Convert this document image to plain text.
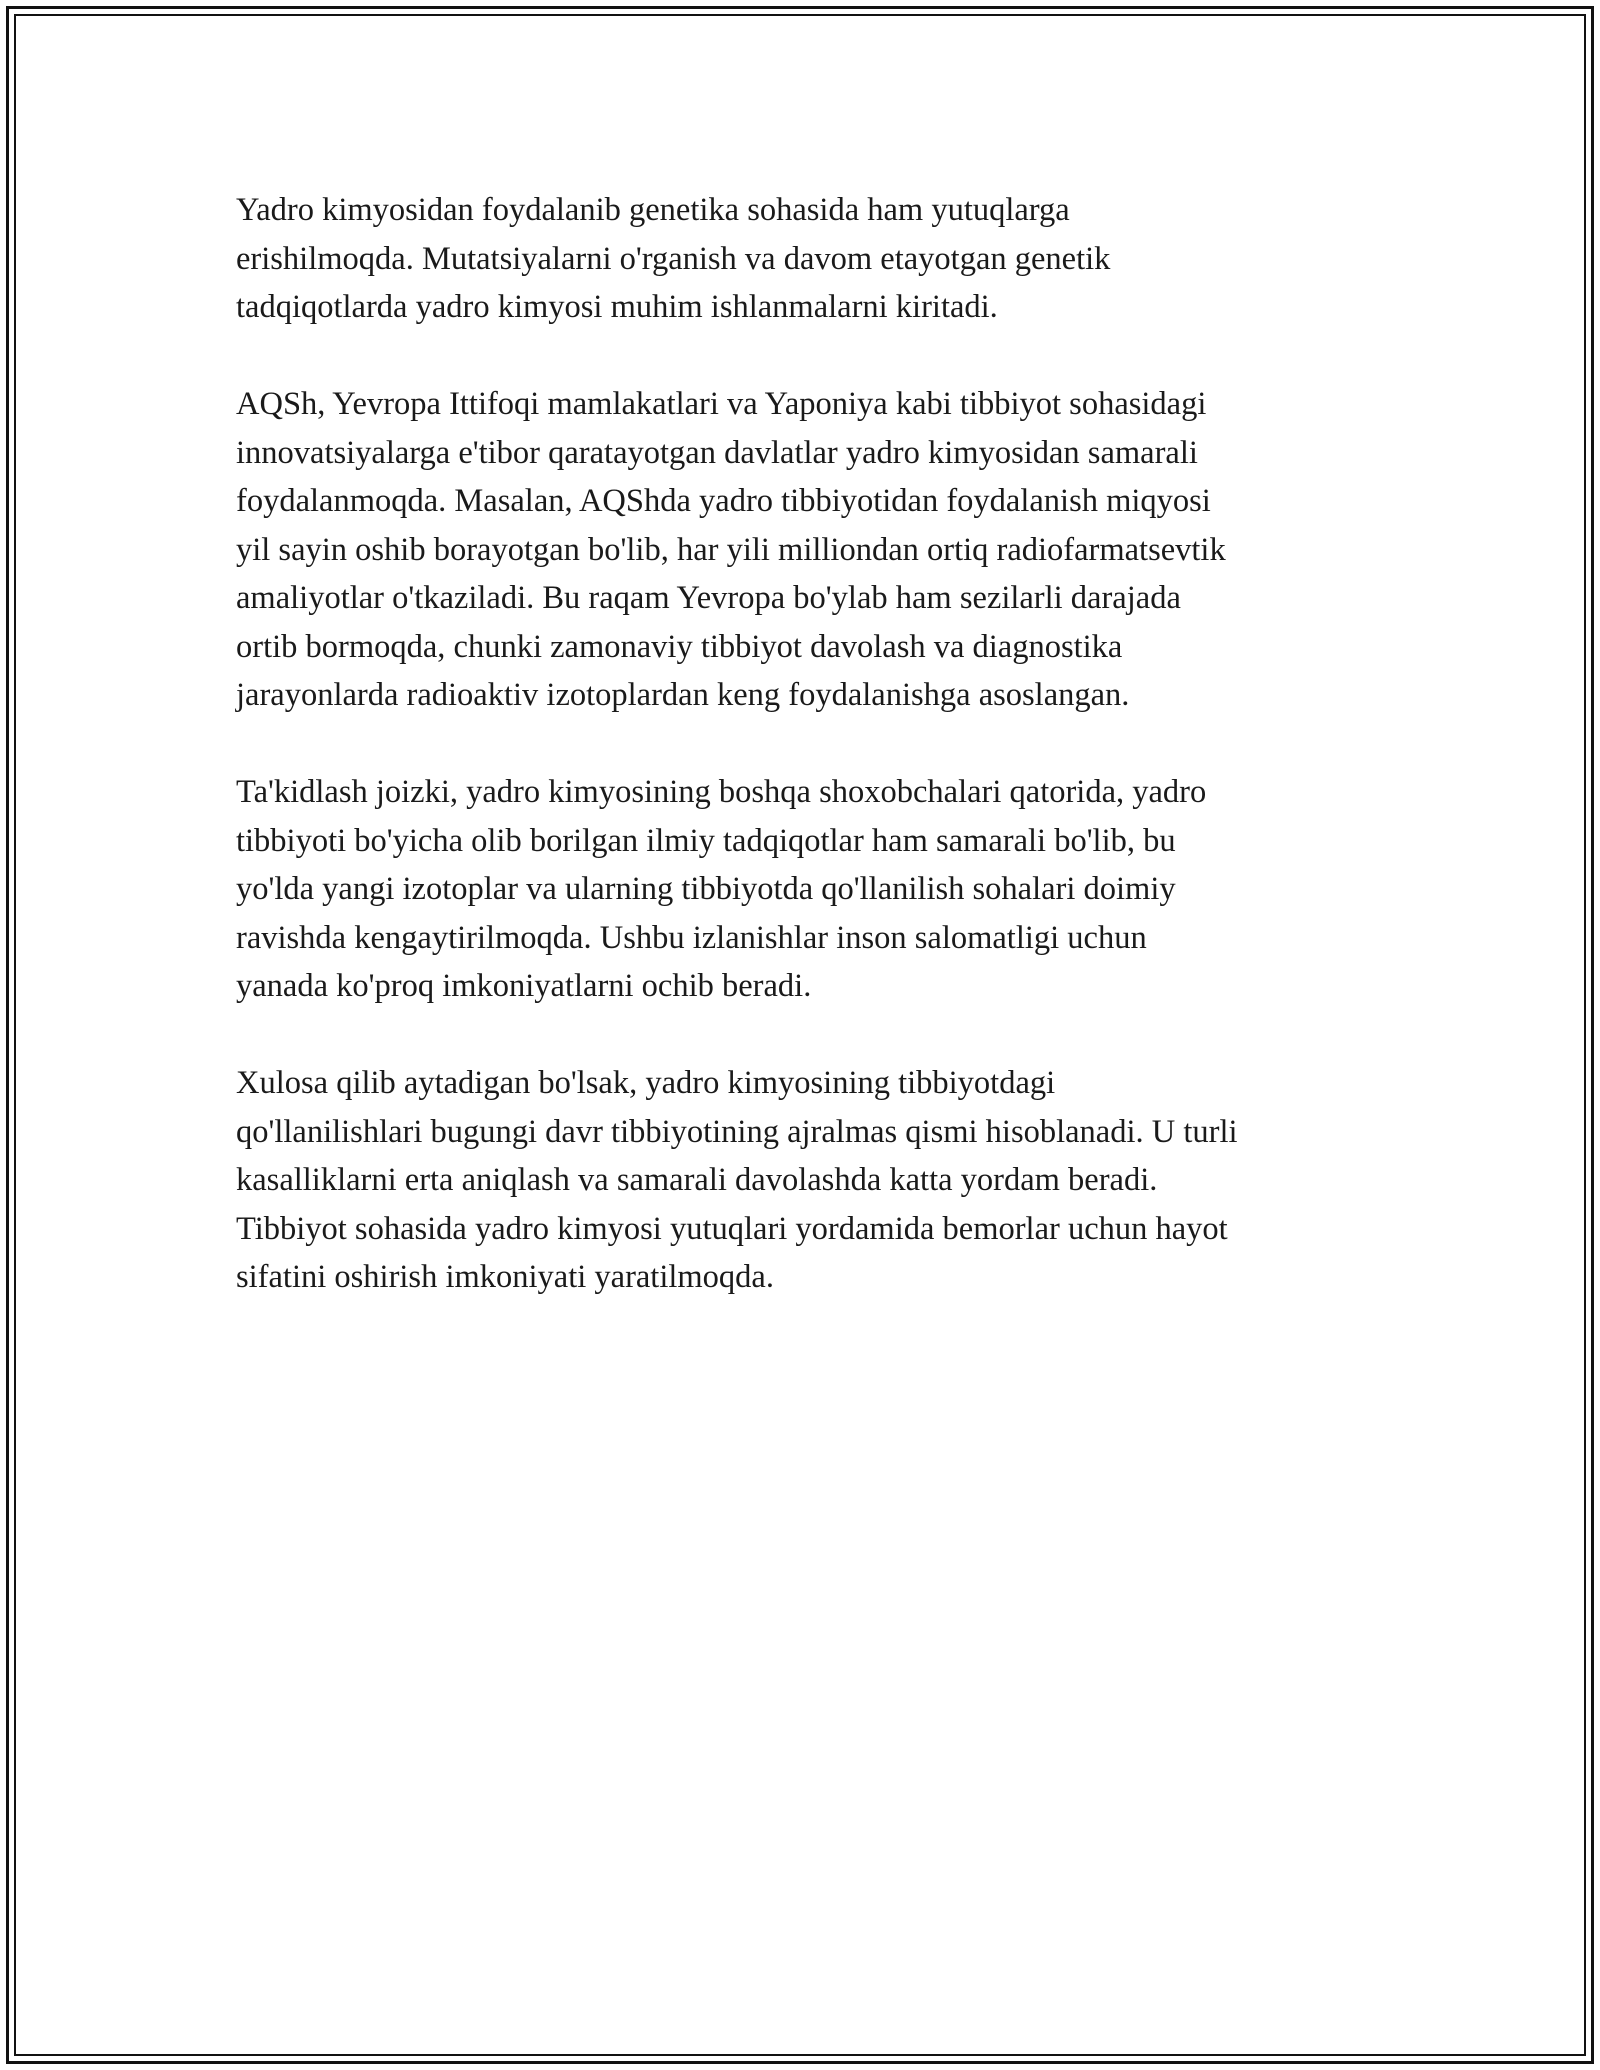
Yadro kimyosidan foydalanib genetika sohasida ham yutuqlarga
erishilmoqda. Mutatsiyalarni o'rganish va davom etayotgan genetik
tadqiqotlarda yadro kimyosi muhim ishlanmalarni kiritadi.

AQSh, Yevropa Ittifoqi mamlakatlari va Yaponiya kabi tibbiyot sohasidagi
innovatsiyalarga e'tibor qaratayotgan davlatlar yadro kimyosidan samarali
foydalanmoqda. Masalan, AQShda yadro tibbiyotidan foydalanish miqyosi
yil sayin oshib borayotgan bo'lib, har yili milliondan ortiq radiofarmatsevtik
amaliyotlar o'tkaziladi. Bu raqam Yevropa bo'ylab ham sezilarli darajada
ortib bormoqda, chunki zamonaviy tibbiyot davolash va diagnostika
jarayonlarda radioaktiv izotoplardan keng foydalanishga asoslangan.

Ta'kidlash joizki, yadro kimyosining boshqa shoxobchalari qatorida, yadro
tibbiyoti bo'yicha olib borilgan ilmiy tadqiqotlar ham samarali bo'lib, bu
yo'lda yangi izotoplar va ularning tibbiyotda qo'llanilish sohalari doimiy
ravishda kengaytirilmoqda. Ushbu izlanishlar inson salomatligi uchun
yanada ko'proq imkoniyatlarni ochib beradi.

Xulosa qilib aytadigan bo'lsak, yadro kimyosining tibbiyotdagi
qo'llanilishlari bugungi davr tibbiyotining ajralmas qismi hisoblanadi. U turli
kasalliklarni erta aniqlash va samarali davolashda katta yordam beradi.
Tibbiyot sohasida yadro kimyosi yutuqlari yordamida bemorlar uchun hayot
sifatini oshirish imkoniyati yaratilmoqda.
